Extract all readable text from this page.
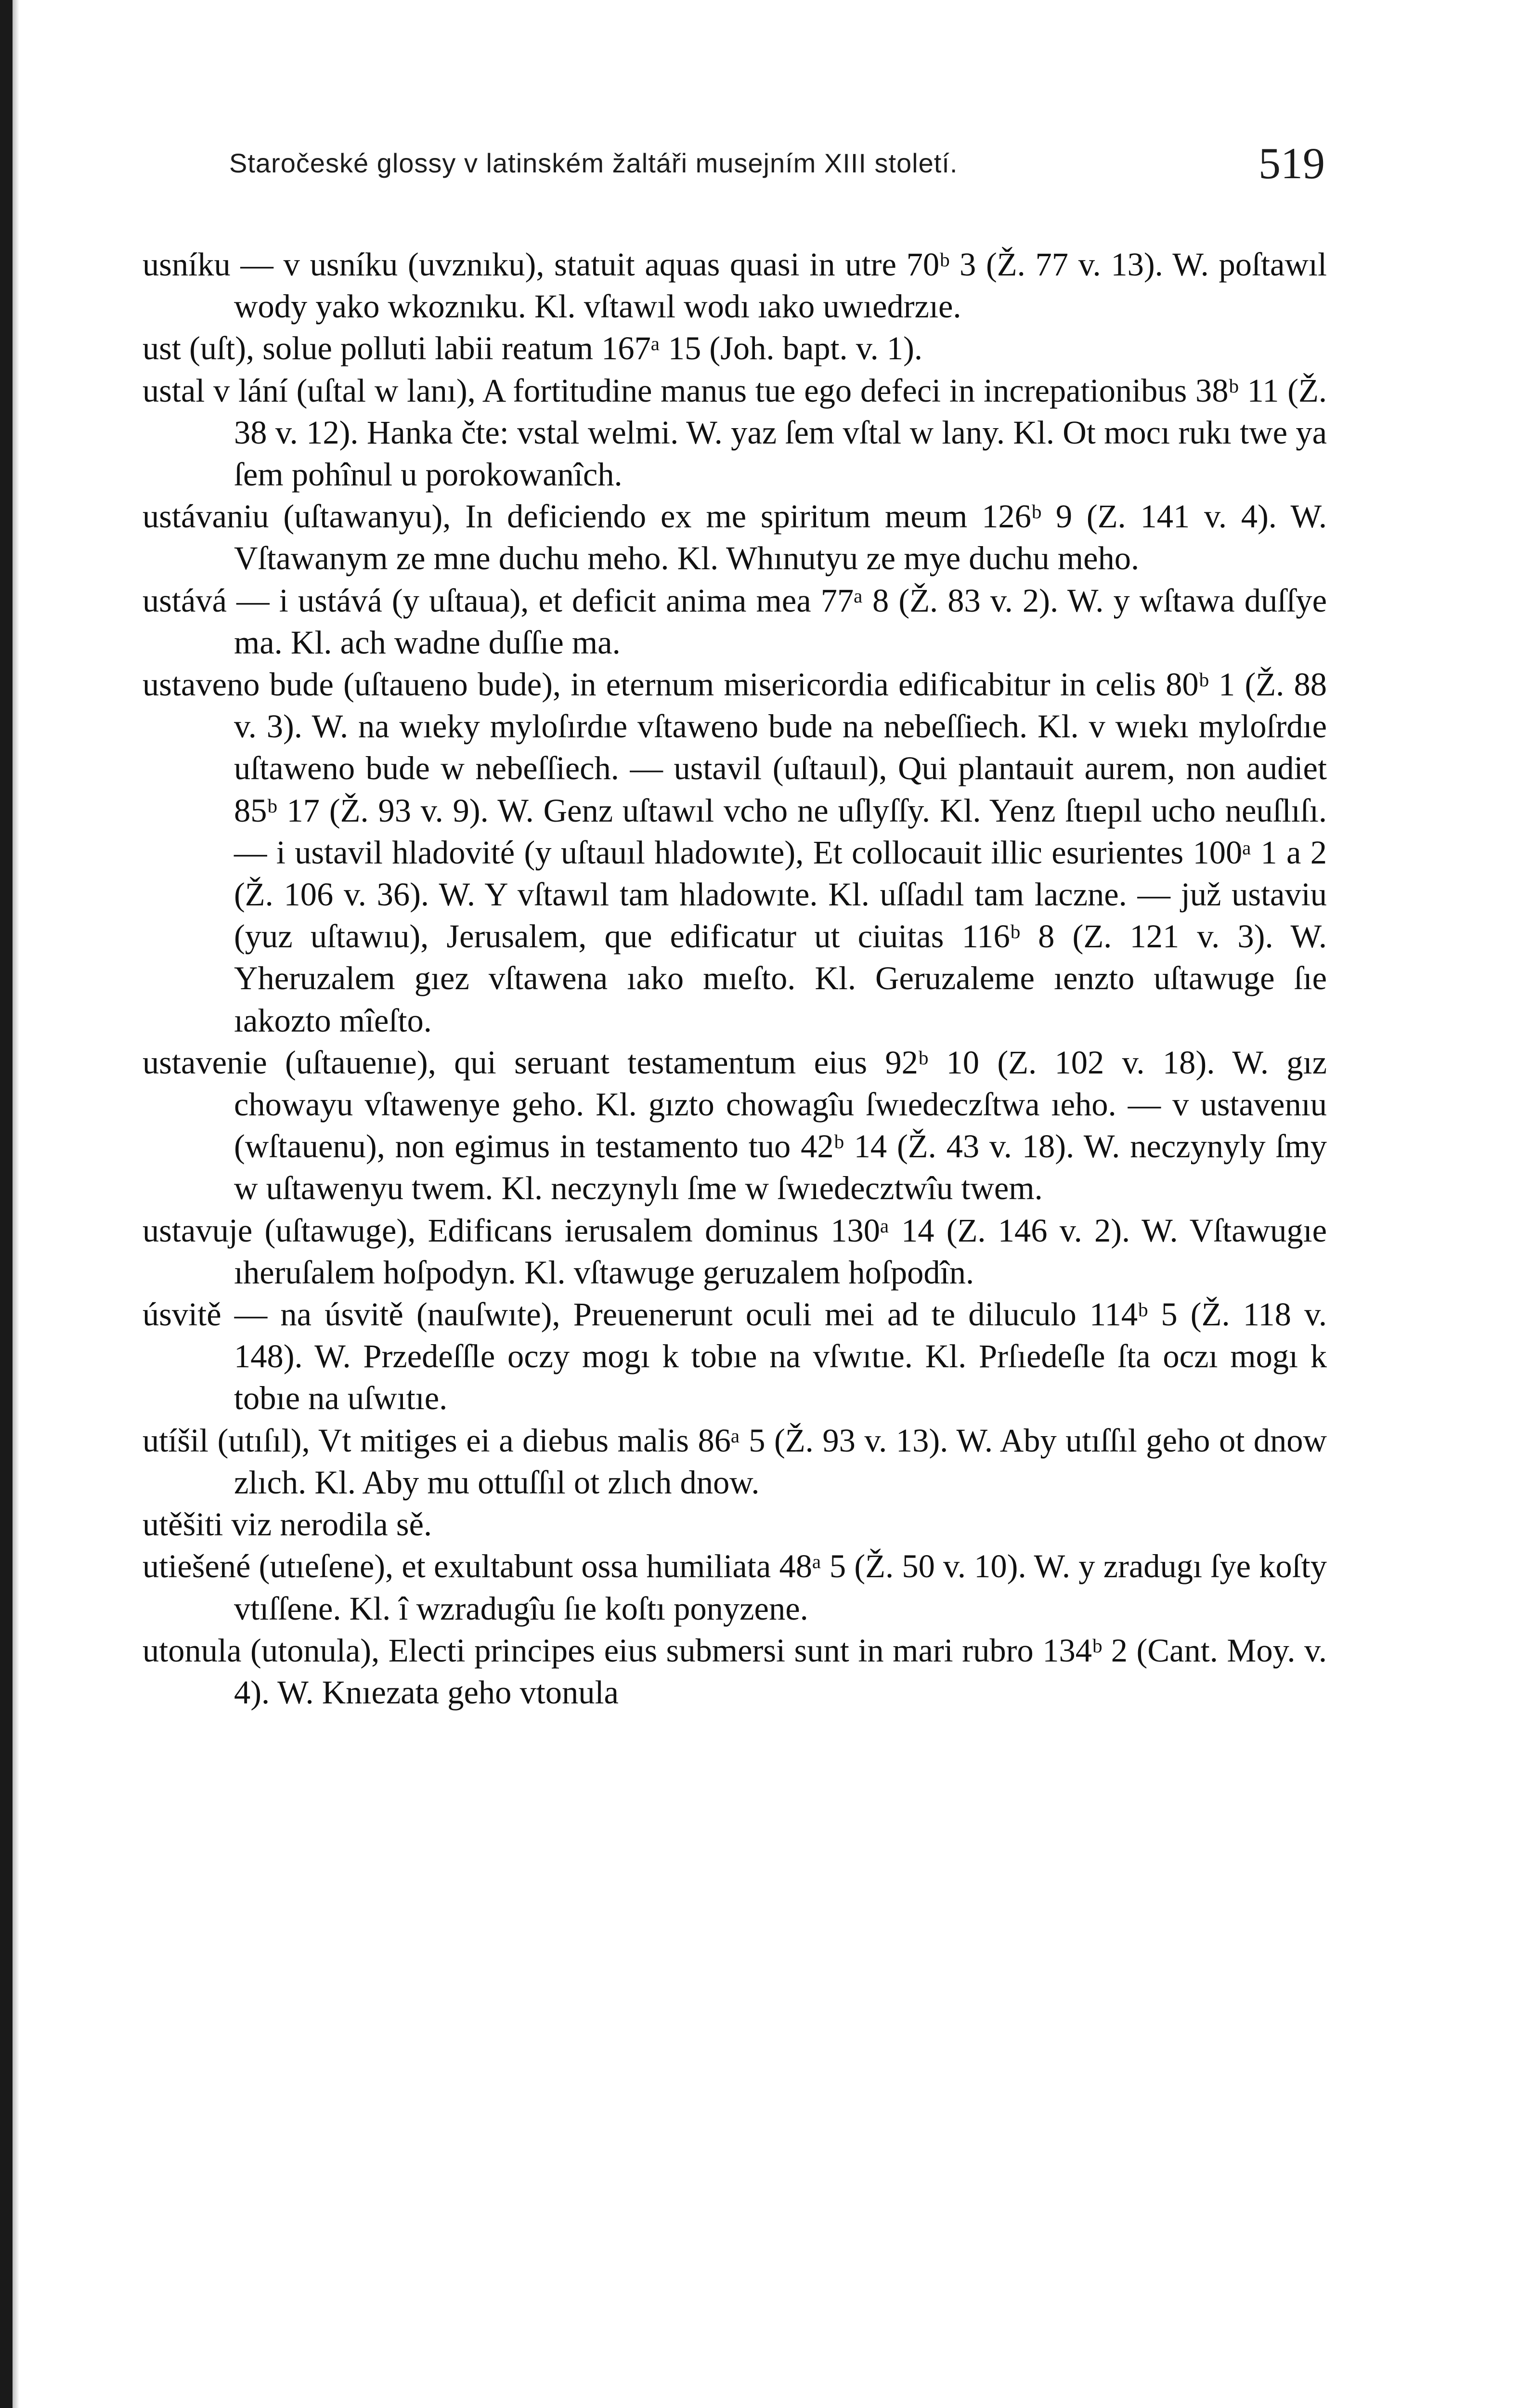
Staročeské glossy v latinském žaltáři musejním XIII století.	519

usníku — v usníku (uvznıku), statuit aquas quasi in utre 70ᵇ 3 (Ž. 77 v. 13). W. poſtawıl wody yako wkoznıku. Kl. vſtawıl wodı ıako uwıedrzıe.

ust (uſt), solue polluti labii reatum 167ᵃ 15 (Joh. bapt. v. 1).

ustal v lání (uſtal w lanı), A fortitudine manus tue ego defeci in increpationibus 38ᵇ 11 (Ž. 38 v. 12). Hanka čte: vstal welmi. W. yaz ſem vſtal w lany. Kl. Ot mocı rukı twe ya ſem pohînul u porokowanîch.

ustávaniu (uſtawanyu), In deficiendo ex me spiritum meum 126ᵇ 9 (Z. 141 v. 4). W. Vſtawanym ze mne duchu meho. Kl. Whınutyu ze mye duchu meho.

ustává — i ustává (y uſtaua), et deficit anima mea 77ᵃ 8 (Ž. 83 v. 2). W. y wſtawa duſſye ma. Kl. ach wadne duſſıe ma.

ustaveno bude (uſtaueno bude), in eternum misericordia edificabitur in celis 80ᵇ 1 (Ž. 88 v. 3). W. na wıeky myloſırdıe vſtaweno bude na nebeſſiech. Kl. v wıekı myloſrdıe uſtaweno bude w nebeſſiech. — ustavil (uſtauıl), Qui plantauit aurem, non audiet 85ᵇ 17 (Ž. 93 v. 9). W. Genz uſtawıl vcho ne uſlyſſy. Kl. Yenz ſtıepıl ucho neuſlıſı. — i ustavil hladovité (y uſtauıl hladowıte), Et collocauit illic esurientes 100ᵃ 1 a 2 (Ž. 106 v. 36). W. Y vſtawıl tam hladowıte. Kl. uſſadıl tam laczne. — juž ustaviu (yuz uſtawıu), Jerusalem, que edificatur ut ciuitas 116ᵇ 8 (Z. 121 v. 3). W. Yheruzalem gıez vſtawena ıako mıeſto. Kl. Geruzaleme ıenzto uſtawuge ſıe ıakozto mîeſto.

ustavenie (uſtauenıe), qui seruant testamentum eius 92ᵇ 10 (Z. 102 v. 18). W. gız chowayu vſtawenye geho. Kl. gızto chowagîu ſwıedeczſtwa ıeho. — v ustavenıu (wſtauenu), non egimus in testamento tuo 42ᵇ 14 (Ž. 43 v. 18). W. neczynyly ſmy w uſtawenyu twem. Kl. neczynylı ſme w ſwıedecztwîu twem.

ustavuje (uſtawuge), Edificans ierusalem dominus 130ᵃ 14 (Z. 146 v. 2). W. Vſtawugıe ıheruſalem hoſpodyn. Kl. vſtawuge geruzalem hoſpodîn.

úsvitě — na úsvitě (nauſwıte), Preuenerunt oculi mei ad te diluculo 114ᵇ 5 (Ž. 118 v. 148). W. Przedeſſle oczy mogı k tobıe na vſwıtıe. Kl. Prſıedeſle ſta oczı mogı k tobıe na uſwıtıe.

utíšil (utıſıl), Vt mitiges ei a diebus malis 86ᵃ 5 (Ž. 93 v. 13). W. Aby utıſſıl geho ot dnow zlıch. Kl. Aby mu ottuſſıl ot zlıch dnow.

utěšiti viz nerodila sě.

utiešené (utıeſene), et exultabunt ossa humiliata 48ᵃ 5 (Ž. 50 v. 10). W. y zradugı ſye koſty vtıſſene. Kl. î wzradugîu ſıe koſtı ponyzene.

utonula (utonula), Electi principes eius submersi sunt in mari rubro 134ᵇ 2 (Cant. Moy. v. 4). W. Knıezata geho vtonula
